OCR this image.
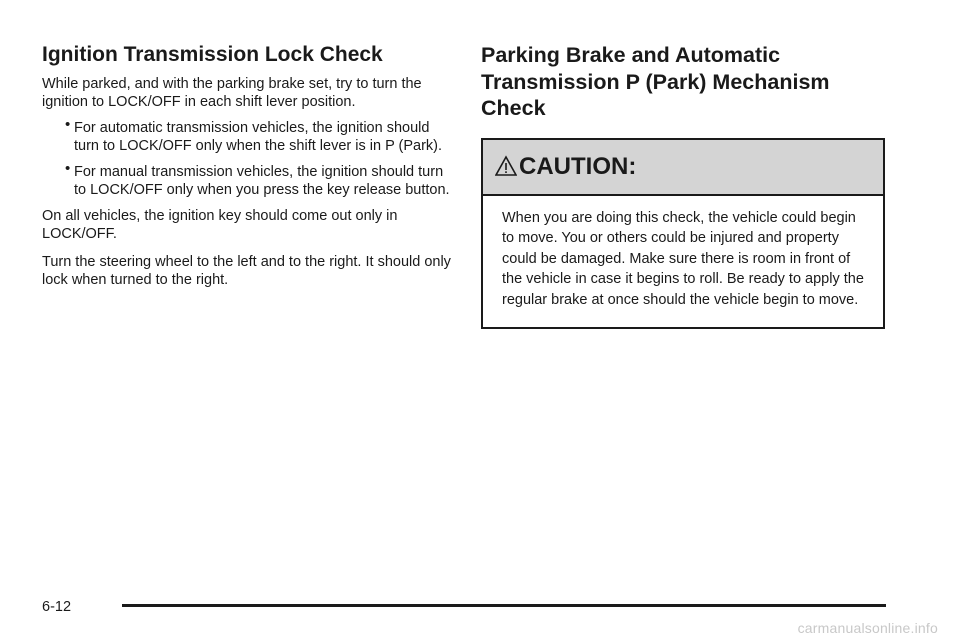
Ignition Transmission Lock Check

While parked, and with the parking brake set, try to turn the ignition to LOCK/OFF in each shift lever position.

• For automatic transmission vehicles, the ignition should turn to LOCK/OFF only when the shift lever is in P (Park).
• For manual transmission vehicles, the ignition should turn to LOCK/OFF only when you press the key release button.

On all vehicles, the ignition key should come out only in LOCK/OFF.

Turn the steering wheel to the left and to the right. It should only lock when turned to the right.

Parking Brake and Automatic Transmission P (Park) Mechanism Check
CAUTION:
When you are doing this check, the vehicle could begin to move. You or others could be injured and property could be damaged. Make sure there is room in front of the vehicle in case it begins to roll. Be ready to apply the regular brake at once should the vehicle begin to move.
6-12
carmanualsonline.info
